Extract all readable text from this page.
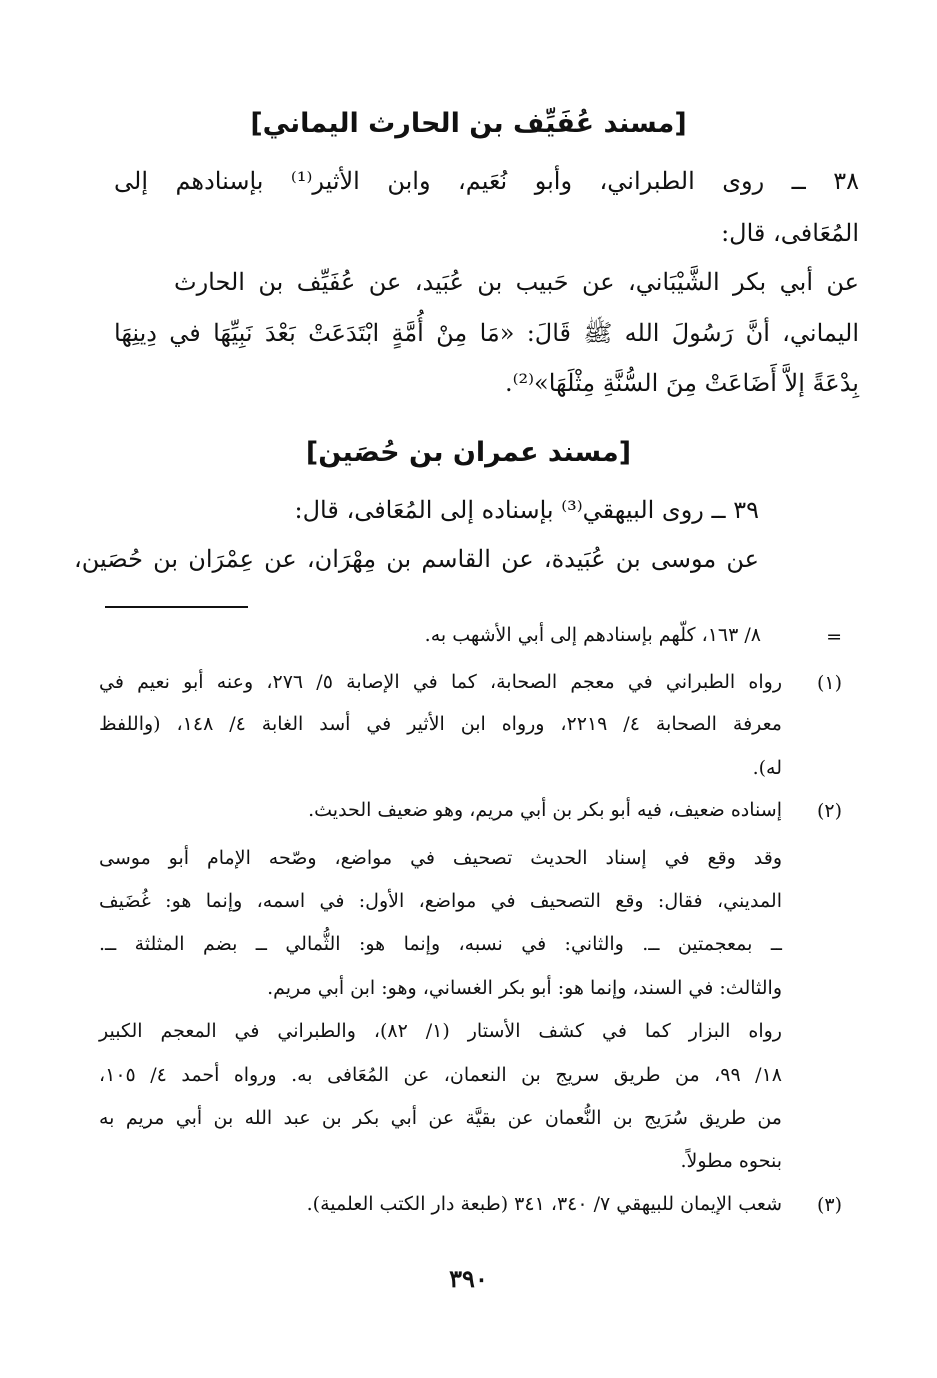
[مسند عُفَيِّف بن الحارث اليماني]
٣٨ ــ روى الطبراني، وأبو نُعَيم، وابن الأثير⁽¹⁾ بإسنادهم إلى
المُعَافى، قال:
عن أبي بكر الشَّيْبَاني، عن حَبيب بن عُبَيد، عن عُفَيِّف بن الحارث
اليماني، أنَّ رَسُولَ الله ﷺ قَالَ: «مَا مِنْ أُمَّةٍ ابْتَدَعَتْ بَعْدَ نَبِيِّهَا في دِينِهَا
بِدْعَةً إلاَّ أَضَاعَتْ مِنَ السُّنَّةِ مِثْلَهَا»⁽²⁾.
[مسند عمران بن حُصَين]
٣٩ ــ روى البيهقي⁽³⁾ بإسناده إلى المُعَافى، قال:
عن موسى بن عُبَيدة، عن القاسم بن مِهْرَان، عن عِمْرَان بن حُصَين،
=
٨/ ١٦٣، كلّهم بإسنادهم إلى أبي الأشهب به.
(١)
رواه الطبراني في معجم الصحابة، كما في الإصابة ٥/ ٢٧٦، وعنه أبو نعيم في
معرفة الصحابة ٤/ ٢٢١٩، ورواه ابن الأثير في أسد الغابة ٤/ ١٤٨، (واللفظ
له).
(٢)
إسناده ضعيف، فيه أبو بكر بن أبي مريم، وهو ضعيف الحديث.
وقد وقع في إسناد الحديث تصحيف في مواضع، وصّحه الإمام أبو موسى
المديني، فقال: وقع التصحيف في مواضع، الأول: في اسمه، وإنما هو: غُضَيف
ــ بمعجمتين ــ. والثاني: في نسبه، وإنما هو: الثُّمالي ــ بضم المثلثة ــ.
والثالث: في السند، وإنما هو: أبو بكر الغساني، وهو: ابن أبي مريم.
رواه البزار كما في كشف الأستار (١/ ٨٢)، والطبراني في المعجم الكبير
١٨/ ٩٩، من طريق سريج بن النعمان، عن المُعَافى به. ورواه أحمد ٤/ ١٠٥،
من طريق سُرَيج بن النُّعمان عن بقيَّة عن أبي بكر بن عبد الله بن أبي مريم به
بنحوه مطولاً.
(٣)
شعب الإيمان للبيهقي ٧/ ٣٤٠، ٣٤١ (طبعة دار الكتب العلمية).
٣٩٠
